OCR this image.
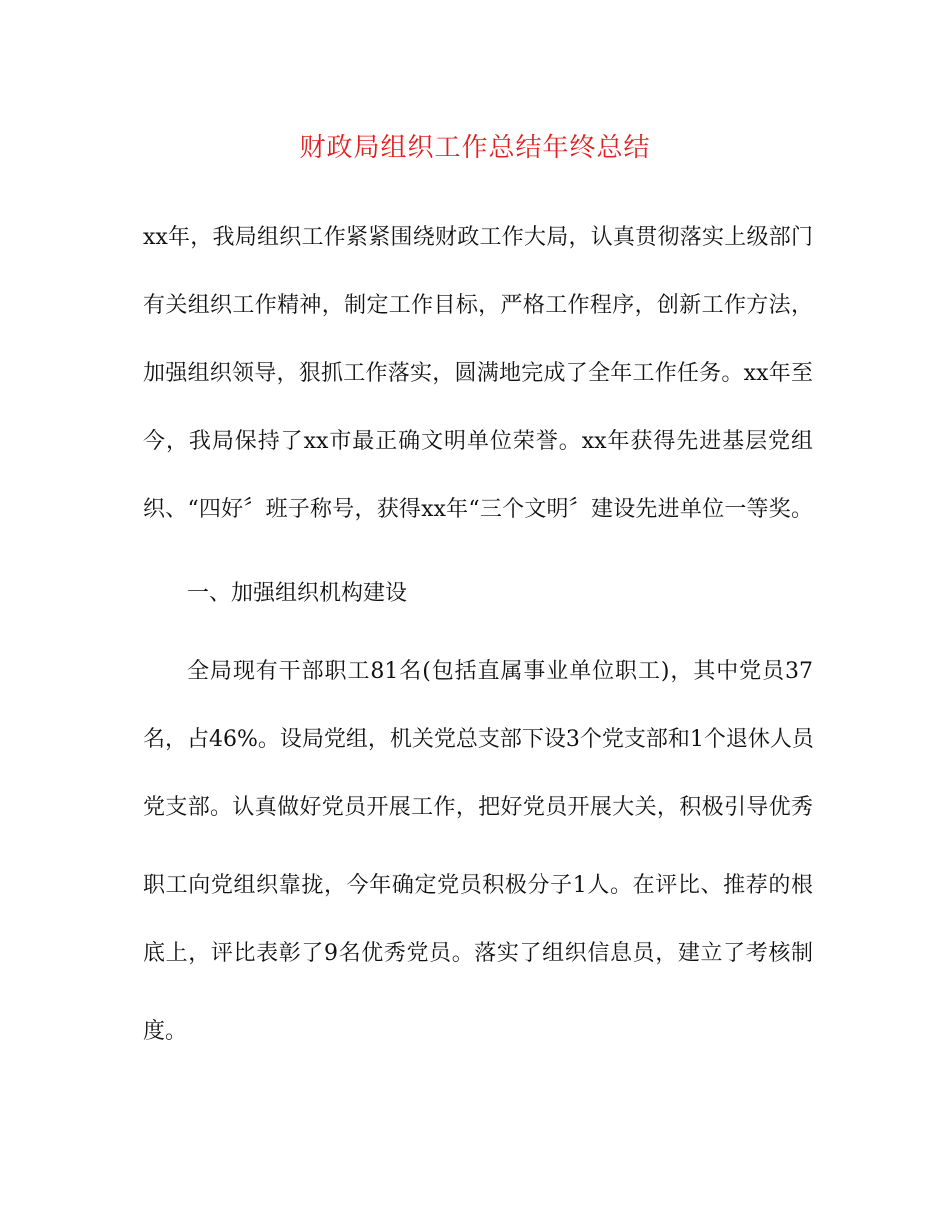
财政局组织工作总结年终总结
xx年，我局组织工作紧紧围绕财政工作大局，认真贯彻落实上级部门
有关组织工作精神，制定工作目标，严格工作程序，创新工作方法，
加强组织领导，狠抓工作落实，圆满地完成了全年工作任务。xx年至
今，我局保持了xx市最正确文明单位荣誉。xx年获得先进基层党组
织、“四好〞班子称号，获得xx年“三个文明〞建设先进单位一等奖。
一、加强组织机构建设
全局现有干部职工81名(包括直属事业单位职工)，其中党员37
名，占46%。设局党组，机关党总支部下设3个党支部和1个退休人员
党支部。认真做好党员开展工作，把好党员开展大关，积极引导优秀
职工向党组织靠拢，今年确定党员积极分子1人。在评比、推荐的根
底上，评比表彰了9名优秀党员。落实了组织信息员，建立了考核制
度。
